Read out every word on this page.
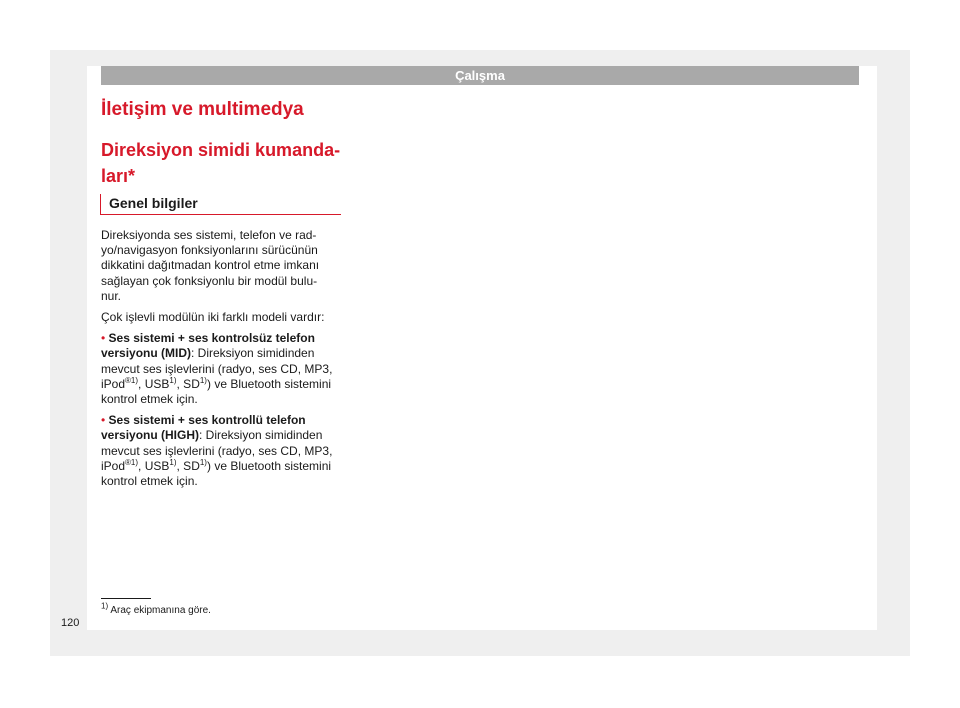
Çalışma
İletişim ve multimedya
Direksiyon simidi kumanda-
ları*
Genel bilgiler

Direksiyonda ses sistemi, telefon ve rad-
yo/navigasyon fonksiyonlarını sürücünün
dikkatini dağıtmadan kontrol etme imkanı
sağlayan çok fonksiyonlu bir modül bulu-
nur.

Çok işlevli modülün iki farklı modeli vardır:

• Ses sistemi + ses kontrolsüz telefon versiyonu (MID): Direksiyon simidinden mevcut ses işlevlerini (radyo, ses CD, MP3, iPod$^{®1)}$, USB$^{1)}$, SD$^{1)}$) ve Bluetooth sistemini kontrol etmek için.
• Ses sistemi + ses kontrollü telefon versiyonu (HIGH): Direksiyon simidinden mevcut ses işlevlerini (radyo, ses CD, MP3, iPod$^{®1)}$, USB$^{1)}$, SD$^{1)}$) ve Bluetooth sistemini kontrol etmek için.
$^{1)}$ Araç ekipmanına göre.
120
